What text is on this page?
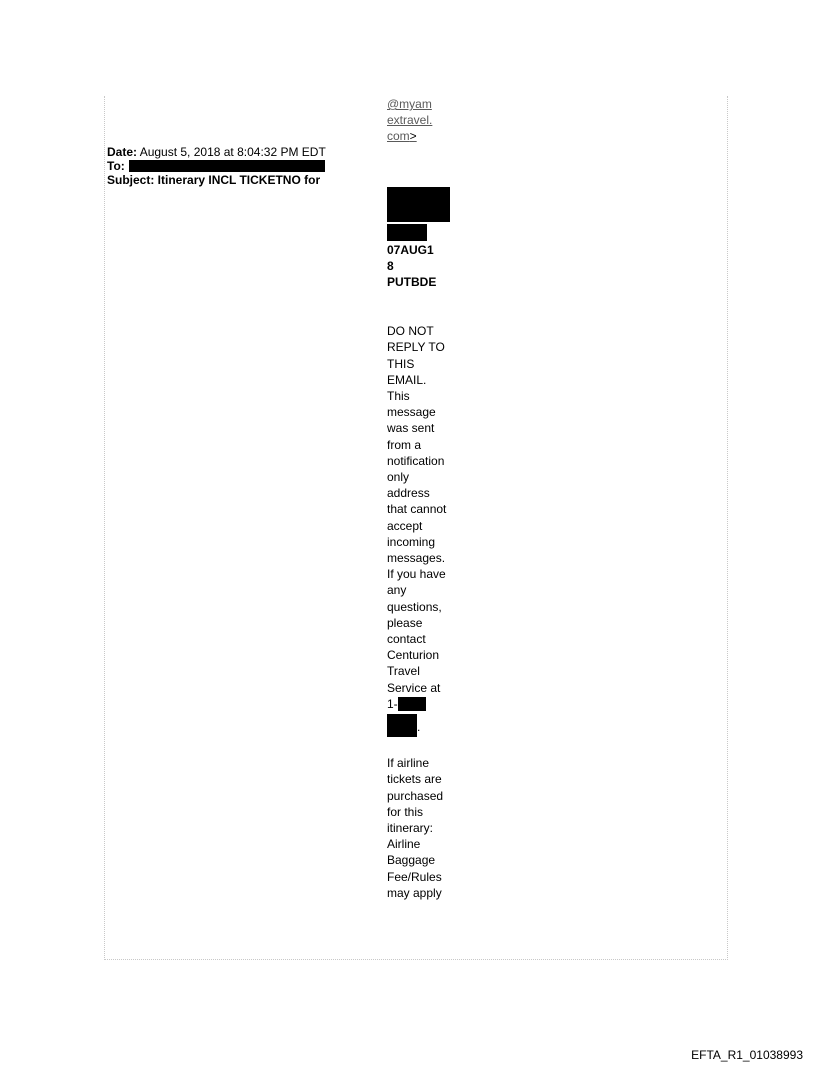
Date: August 5, 2018 at 8:04:32 PM EDT
To:
Subject: Itinerary INCL TICKETNO for
@myam
extravel.
com>
07AUG1
8
PUTBDE
DO NOT REPLY TO THIS EMAIL. This message was sent from a notification only address that cannot accept incoming messages. If you have any questions, please contact Centurion Travel Service at 1-
.
If airline tickets are purchased for this itinerary: Airline Baggage Fee/Rules may apply
EFTA_R1_01038993
